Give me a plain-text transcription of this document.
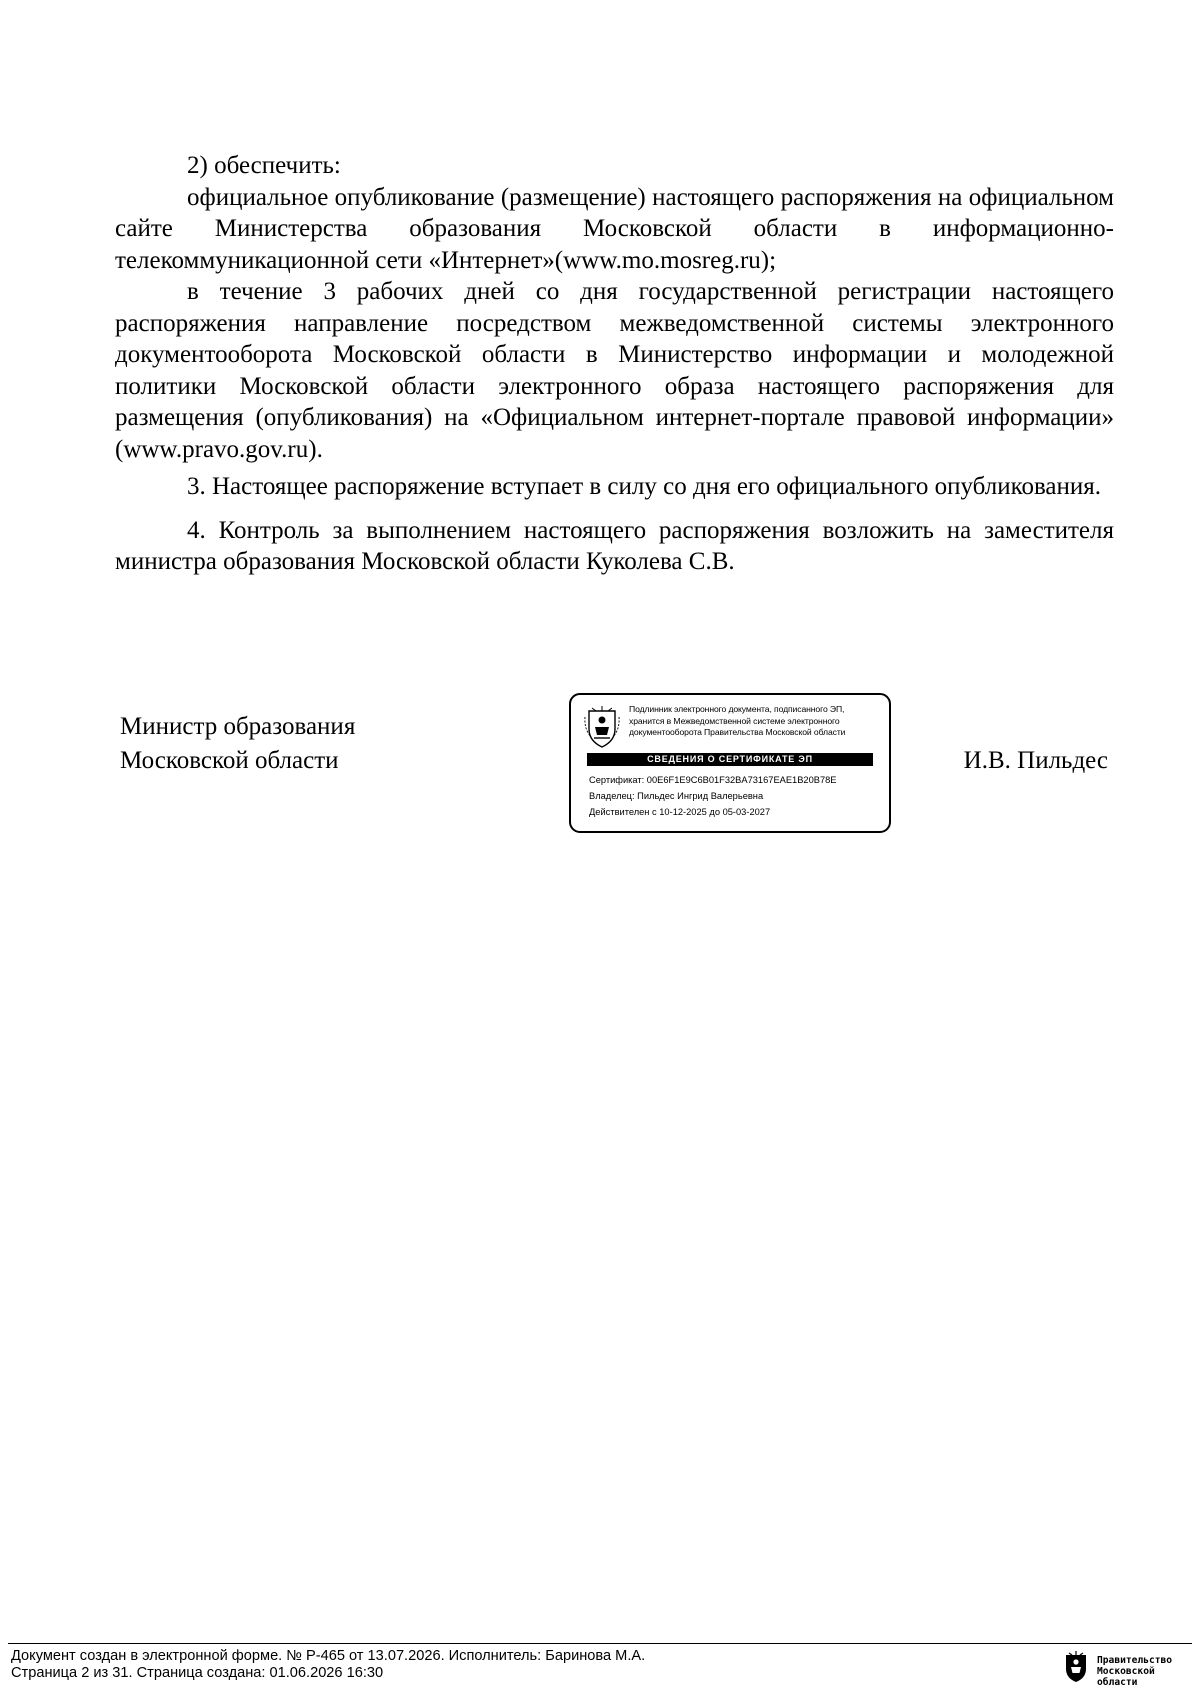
2) обеспечить:

официальное опубликование (размещение) настоящего распоряжения на официальном сайте Министерства образования Московской области в информационно-телекоммуникационной сети «Интернет»(www.mo.mosreg.ru);

в течение 3 рабочих дней со дня государственной регистрации настоящего распоряжения направление посредством межведомственной системы электронного документооборота Московской области в Министерство информации и молодежной политики Московской области электронного образа настоящего распоряжения для размещения (опубликования) на «Официальном интернет-портале правовой информации» (www.pravo.gov.ru).

3. Настоящее распоряжение вступает в силу со дня его официального опубликования.

4. Контроль за выполнением настоящего распоряжения возложить на заместителя министра образования Московской области Куколева С.В.

Министр образования
Московской области
Подлинник электронного документа, подписанного ЭП,
хранится в Межведомственной системе электронного
документооборота Правительства Московской области
СВЕДЕНИЯ О СЕРТИФИКАТЕ ЭП
Сертификат: 00E6F1E9C6B01F32BA73167EAE1B20B78E
Владелец: Пильдес Ингрид Валерьевна
Действителен с 10-12-2025 до 05-03-2027
И.В. Пильдес
Документ создан в электронной форме. № Р-465 от 13.07.2026. Исполнитель: Баринова М.А.
Страница 2 из 31. Страница создана: 01.06.2026 16:30
Правительство
Московской области
